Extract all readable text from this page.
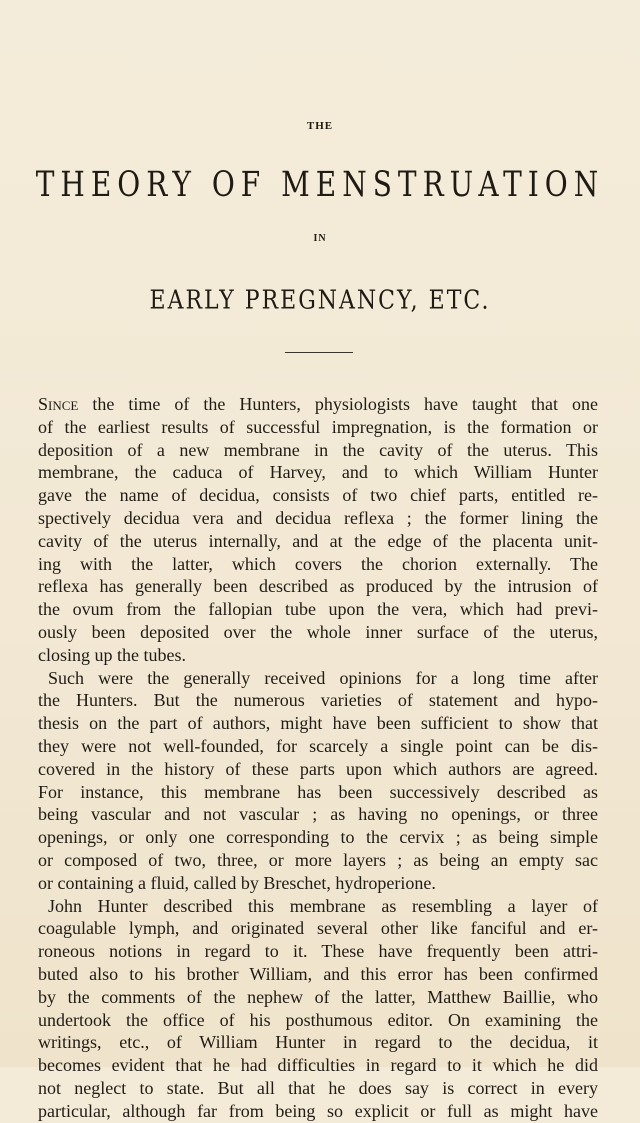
THE
THEORY OF MENSTRUATION
IN
EARLY PREGNANCY, ETC.
Since the time of the Hunters, physiologists have taught that one
of the earliest results of successful impregnation, is the formation or
deposition of a new membrane in the cavity of the uterus. This
membrane, the caduca of Harvey, and to which William Hunter
gave the name of decidua, consists of two chief parts, entitled re-
spectively decidua vera and decidua reflexa ; the former lining the
cavity of the uterus internally, and at the edge of the placenta unit-
ing with the latter, which covers the chorion externally. The
reflexa has generally been described as produced by the intrusion of
the ovum from the fallopian tube upon the vera, which had previ-
ously been deposited over the whole inner surface of the uterus,
closing up the tubes.
Such were the generally received opinions for a long time after
the Hunters. But the numerous varieties of statement and hypo-
thesis on the part of authors, might have been sufficient to show that
they were not well-founded, for scarcely a single point can be dis-
covered in the history of these parts upon which authors are agreed.
For instance, this membrane has been successively described as
being vascular and not vascular ; as having no openings, or three
openings, or only one corresponding to the cervix ; as being simple
or composed of two, three, or more layers ; as being an empty sac
or containing a fluid, called by Breschet, hydroperione.
John Hunter described this membrane as resembling a layer of
coagulable lymph, and originated several other like fanciful and er-
roneous notions in regard to it. These have frequently been attri-
buted also to his brother William, and this error has been confirmed
by the comments of the nephew of the latter, Matthew Baillie, who
undertook the office of his posthumous editor. On examining the
writings, etc., of William Hunter in regard to the decidua, it
becomes evident that he had difficulties in regard to it which he did
not neglect to state. But all that he does say is correct in every
particular, although far from being so explicit or full as might have
